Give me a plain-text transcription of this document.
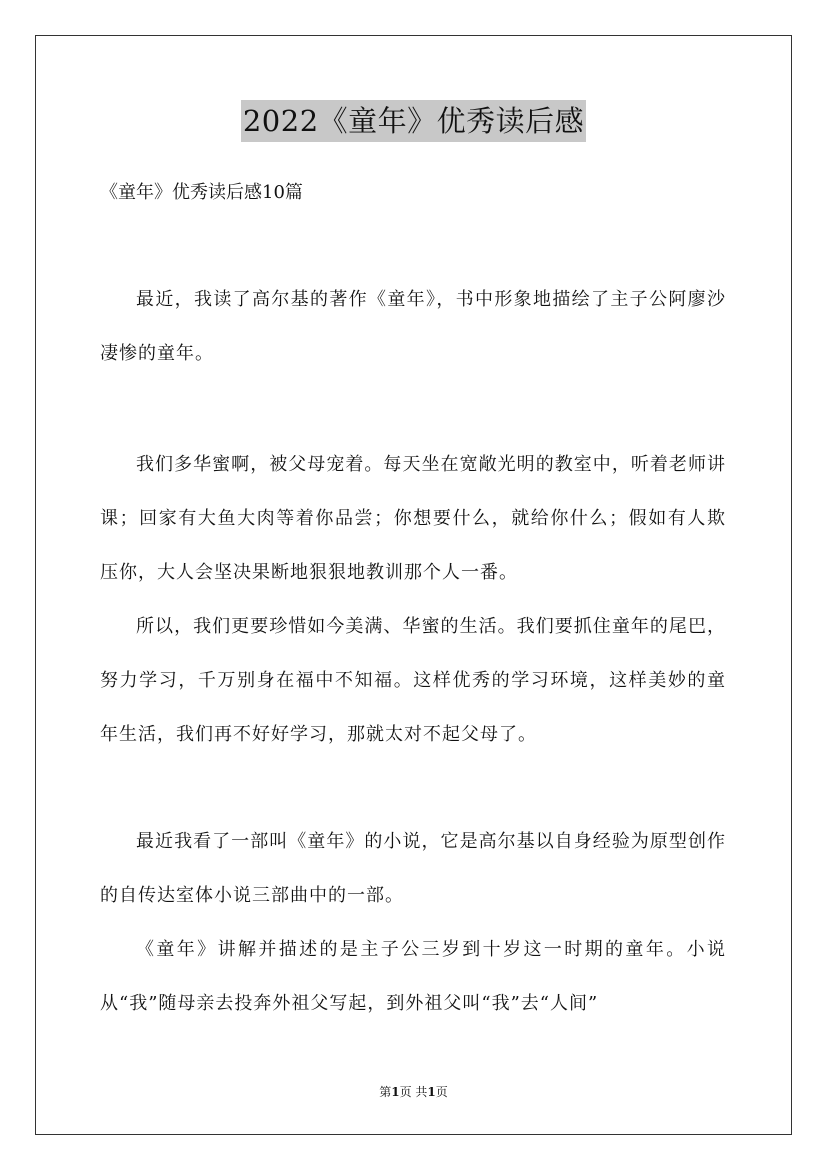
2022《童年》优秀读后感
《童年》优秀读后感10篇

最近，我读了高尔基的著作《童年》，书中形象地描绘了主子公阿廖沙凄惨的童年。

我们多华蜜啊，被父母宠着。每天坐在宽敞光明的教室中，听着老师讲课；回家有大鱼大肉等着你品尝；你想要什么，就给你什么；假如有人欺压你，大人会坚决果断地狠狠地教训那个人一番。

所以，我们更要珍惜如今美满、华蜜的生活。我们要抓住童年的尾巴，努力学习，千万别身在福中不知福。这样优秀的学习环境，这样美妙的童年生活，我们再不好好学习，那就太对不起父母了。

最近我看了一部叫《童年》的小说，它是高尔基以自身经验为原型创作的自传达室体小说三部曲中的一部。

《童年》讲解并描述的是主子公三岁到十岁这一时期的童年。小说从“我”随母亲去投奔外祖父写起，到外祖父叫“我”去“人间”

第1页 共1页
